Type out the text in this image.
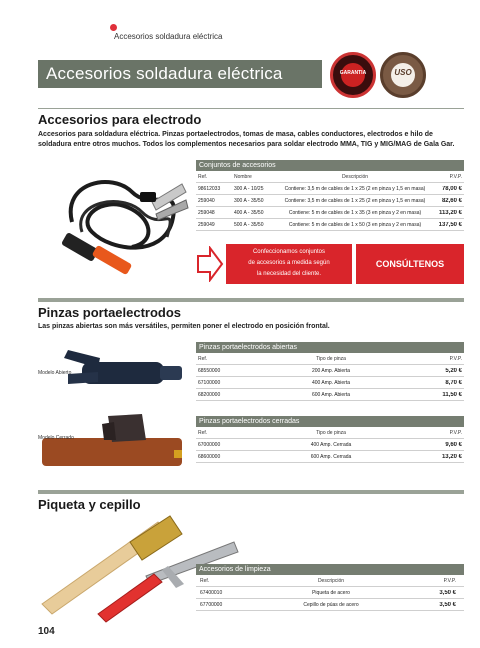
Accesorios soldadura eléctrica
Accesorios soldadura eléctrica	GARANTIA	USO
Accesorios para electrodo
Accesorios para soldadura eléctrica. Pinzas portaelectrodos, tomas de masa, cables conductores, electrodos e hilo de soldadura entre otros muchos. Todos los complementos necesarios para soldar electrodo MMA, TIG y MIG/MAG de Gala Gar.
Conjuntos de accesorios
Ref.	Nombre	Descripción	P.V.P.
98612033	300 A - 10/25	Contiene: 3,5 m de cables de 1 x 25 (2 en pinza y 1,5 en masa)	78,00 €
259040	300 A - 35/50	Contiene: 3,5 m de cables de 1 x 25 (2 en pinza y 1,5 en masa)	82,60 €
259048	400 A - 35/50	Contiene: 5 m de cables de 1 x 35 (3 en pinza y 2 en masa)	113,20 €
259049	500 A - 35/50	Contiene: 5 m de cables de 1 x 50 (3 en pinza y 2 en masa)	137,50 €
Confeccionamos conjuntos
de accesorios a medida según
la necesidad del cliente.
CONSÚLTENOS
Pinzas portaelectrodos
Las pinzas abiertas son más versátiles, permiten poner el electrodo en posición frontal.
Modelo Abierto
Modelo Cerrado
Pinzas portaelectrodos abiertas
Ref.	Tipo de pinza	P.V.P.
68550000	200 Amp. Abierta	5,20 €
67100000	400 Amp. Abierta	8,70 €
68200000	600 Amp. Abierta	11,50 €
Pinzas portaelectrodos cerradas
Ref.	Tipo de pinza	P.V.P.
67000000	400 Amp. Cerrada	9,60 €
68600000	600 Amp. Cerrada	13,20 €
Piqueta y cepillo
Accesorios de limpieza
Ref.	Descripción	P.V.P.
67400010	Piqueta de acero	3,50 €
67700000	Cepillo de púas de acero	3,50 €
104
